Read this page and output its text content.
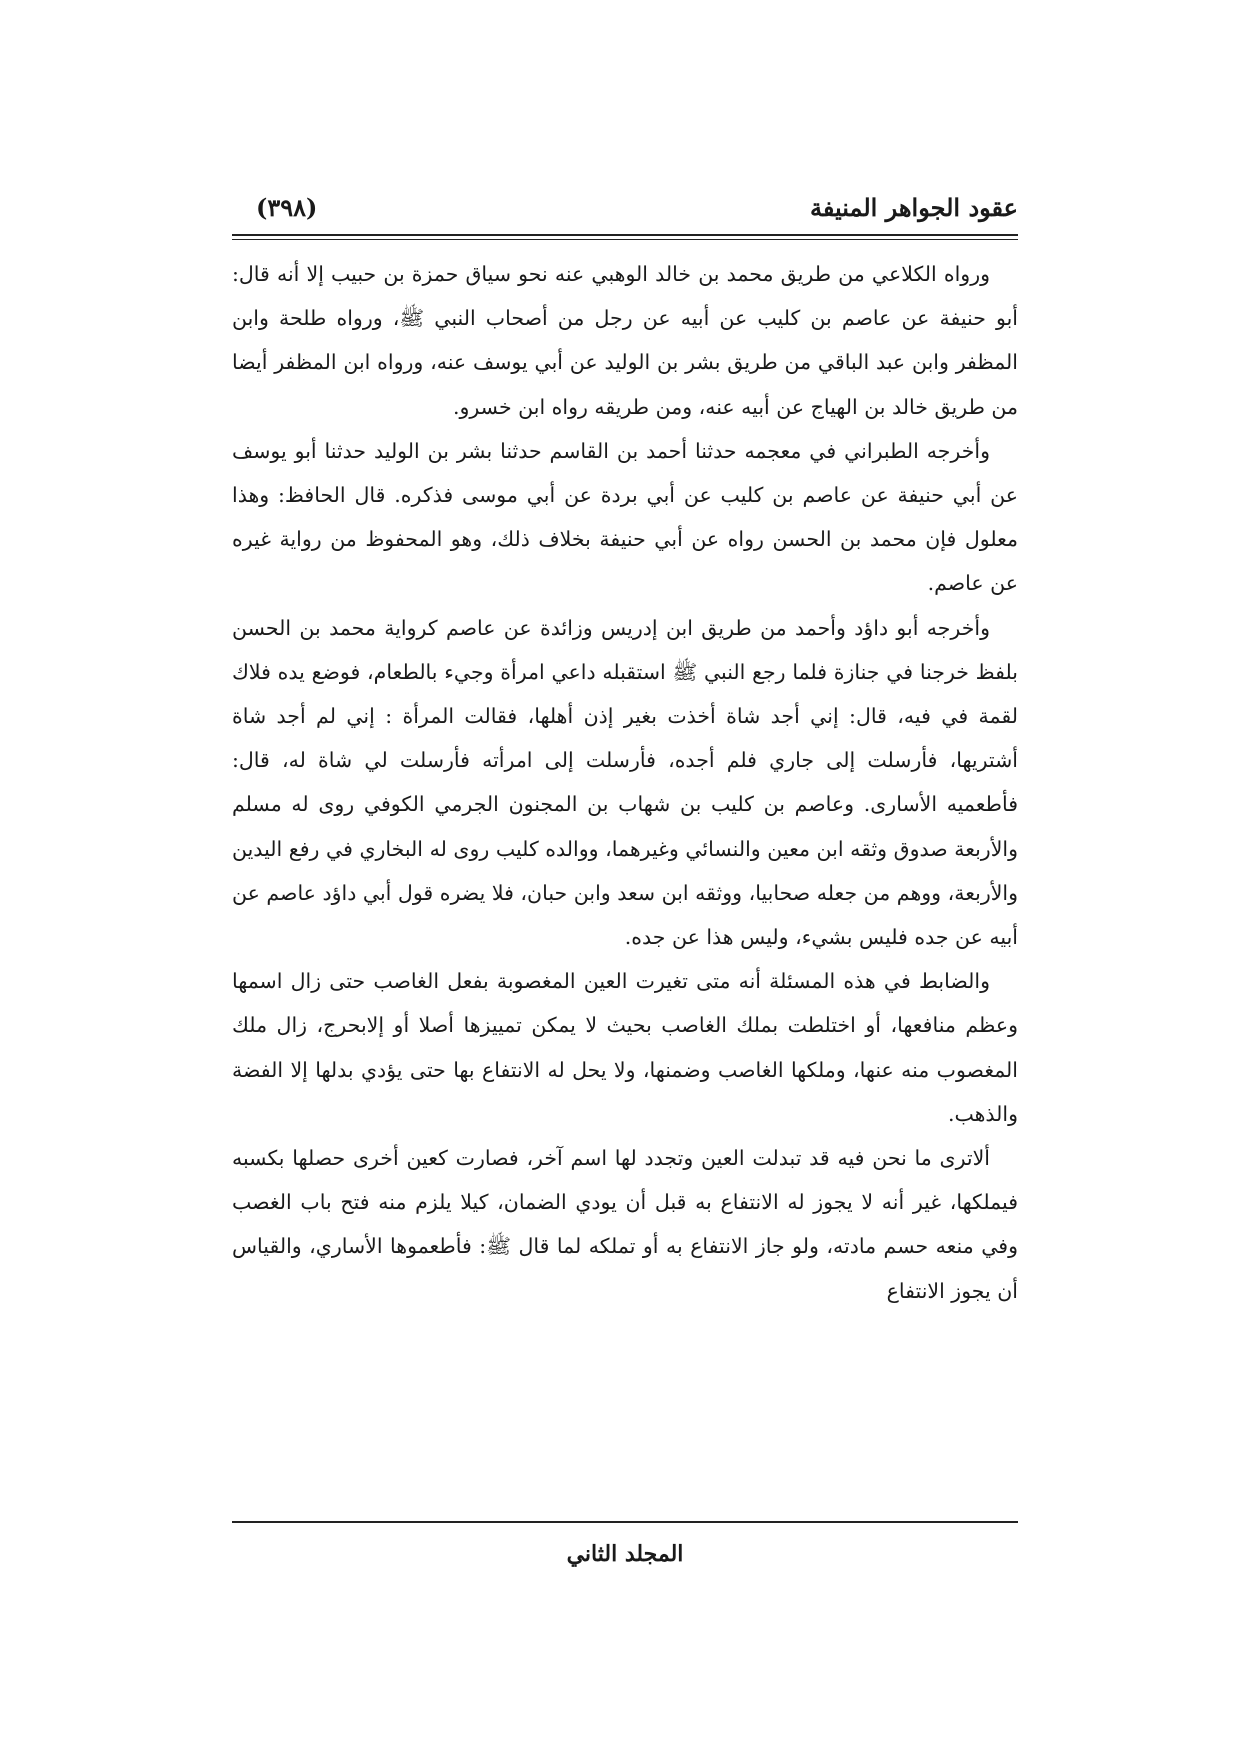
عقود الجواهر المنيفة
(٣٩٨)

ورواه الكلاعي من طريق محمد بن خالد الوهبي عنه نحو سياق حمزة بن حبيب إلا أنه قال: أبو حنيفة عن عاصم بن كليب عن أبيه عن رجل من أصحاب النبي ﷺ، ورواه طلحة وابن المظفر وابن عبد الباقي من طريق بشر بن الوليد عن أبي يوسف عنه، ورواه ابن المظفر أيضا من طريق خالد بن الهياج عن أبيه عنه، ومن طريقه رواه ابن خسرو.

وأخرجه الطبراني في معجمه حدثنا أحمد بن القاسم حدثنا بشر بن الوليد حدثنا أبو يوسف عن أبي حنيفة عن عاصم بن كليب عن أبي بردة عن أبي موسى فذكره. قال الحافظ: وهذا معلول فإن محمد بن الحسن رواه عن أبي حنيفة بخلاف ذلك، وهو المحفوظ من رواية غيره عن عاصم.

وأخرجه أبو داؤد وأحمد من طريق ابن إدريس وزائدة عن عاصم كرواية محمد بن الحسن بلفظ خرجنا في جنازة فلما رجع النبي ﷺ استقبله داعي امرأة وجيء بالطعام، فوضع يده فلاك لقمة في فيه، قال: إني أجد شاة أخذت بغير إذن أهلها، فقالت المرأة : إني لم أجد شاة أشتريها، فأرسلت إلى جاري فلم أجده، فأرسلت إلى امرأته فأرسلت لي شاة له، قال: فأطعميه الأسارى. وعاصم بن كليب بن شهاب بن المجنون الجرمي الكوفي روى له مسلم والأربعة صدوق وثقه ابن معين والنسائي وغيرهما، ووالده كليب روى له البخاري في رفع اليدين والأربعة، ووهم من جعله صحابيا، ووثقه ابن سعد وابن حبان، فلا يضره قول أبي داؤد عاصم عن أبيه عن جده فليس بشيء، وليس هذا عن جده.

والضابط في هذه المسئلة أنه متى تغيرت العين المغصوبة بفعل الغاصب حتى زال اسمها وعظم منافعها، أو اختلطت بملك الغاصب بحيث لا يمكن تمييزها أصلا أو إلابحرج، زال ملك المغصوب منه عنها، وملكها الغاصب وضمنها، ولا يحل له الانتفاع بها حتى يؤدي بدلها إلا الفضة والذهب.

ألاترى ما نحن فيه قد تبدلت العين وتجدد لها اسم آخر، فصارت كعين أخرى حصلها بكسبه فيملكها، غير أنه لا يجوز له الانتفاع به قبل أن يودي الضمان، كيلا يلزم منه فتح باب الغصب وفي منعه حسم مادته، ولو جاز الانتفاع به أو تملكه لما قال ﷺ: فأطعموها الأساري، والقياس أن يجوز الانتفاع

المجلد الثاني
